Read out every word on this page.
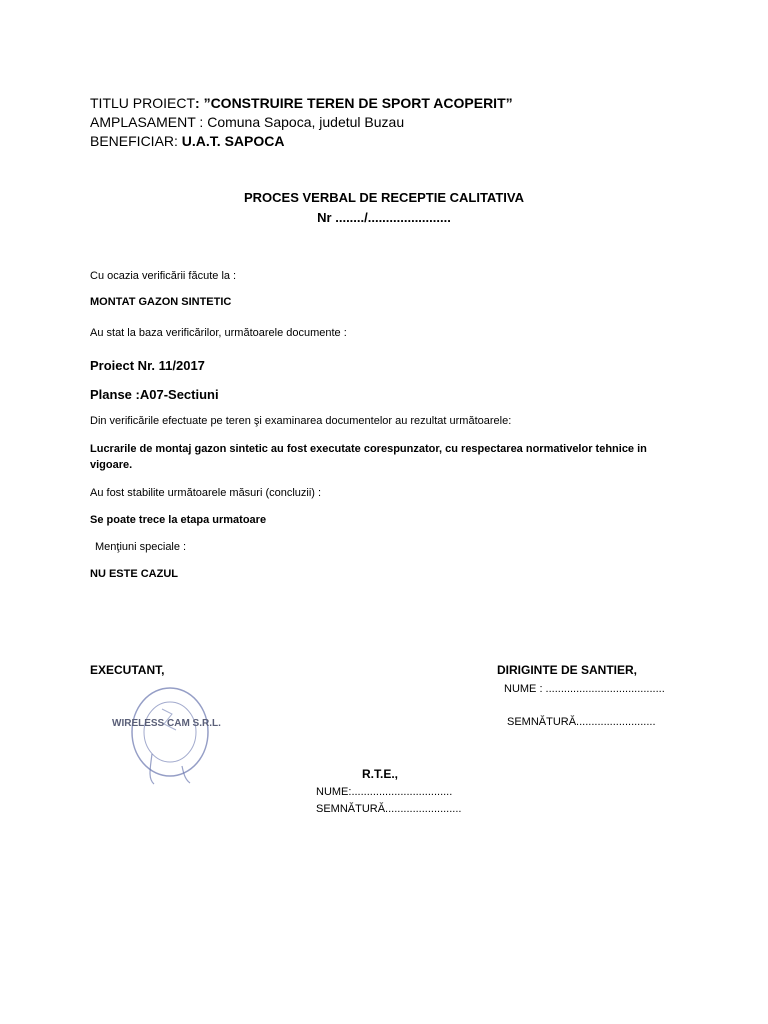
TITLU PROIECT: ”CONSTRUIRE TEREN DE SPORT ACOPERIT”
AMPLASAMENT : Comuna Sapoca, judetul Buzau
BENEFICIAR: U.A.T. SAPOCA
PROCES VERBAL DE RECEPTIE CALITATIVA
Nr ......../.......................
Cu ocazia verificării făcute la :
MONTAT GAZON SINTETIC
Au stat la baza verificărilor, următoarele documente :
Proiect Nr. 11/2017
Planse :A07-Sectiuni
Din verificările efectuate pe teren şi examinarea documentelor au rezultat următoarele:
Lucrarile de montaj gazon sintetic au fost executate corespunzator, cu respectarea normativelor tehnice in vigoare.
Au fost stabilite următoarele măsuri (concluzii) :
Se poate trece la etapa urmatoare
Menţiuni speciale :
NU ESTE CAZUL
EXECUTANT,
WIRELESS CAM S.R.L.
DIRIGINTE DE SANTIER,
NUME : .......................................
SEMNĂTURĂ..........................
R.T.E.,
NUME:.................................
SEMNĂTURĂ.........................
